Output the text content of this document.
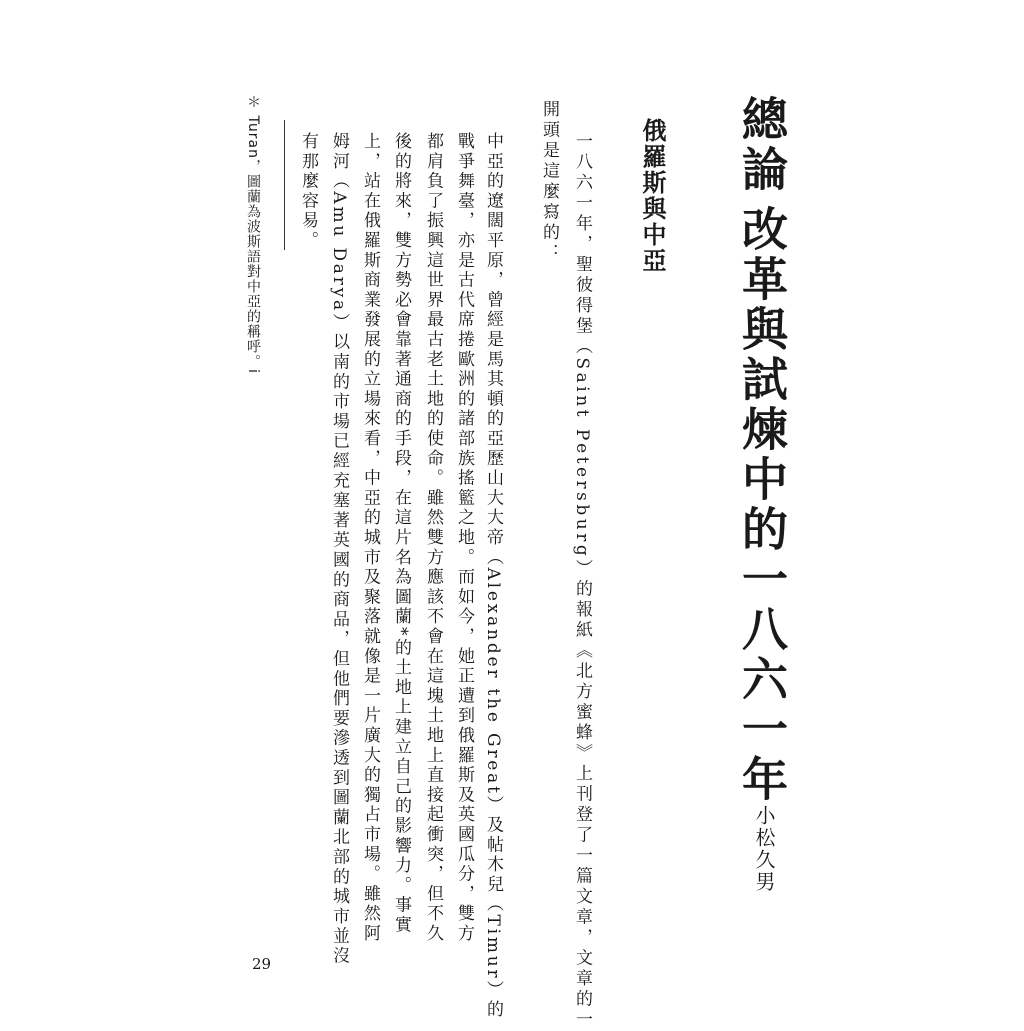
總論
改革與試煉中的一八六一年
小松久男
俄羅斯與中亞
一八六一年，聖彼得堡（Saint Petersburg）的報紙《北方蜜蜂》上刊登了一篇文章，文章的一
開頭是這麼寫的：
中亞的遼闊平原，曾經是馬其頓的亞歷山大大帝（Alexander the Great）及帖木兒（Timur）的
戰爭舞臺，亦是古代席捲歐洲的諸部族搖籃之地。而如今，她正遭到俄羅斯及英國瓜分，雙方
都肩負了振興這世界最古老土地的使命。雖然雙方應該不會在這塊土地上直接起衝突，但不久
後的將來，雙方勢必會靠著通商的手段，在這片名為圖蘭*的土地上建立自己的影響力。事實
上，站在俄羅斯商業發展的立場來看，中亞的城市及聚落就像是一片廣大的獨占市場。雖然阿
姆河（Amu Darya）以南的市場已經充塞著英國的商品，但他們要滲透到圖蘭北部的城市並沒
有那麼容易。
＊ Turan，圖蘭為波斯語對中亞的稱呼。i
29
